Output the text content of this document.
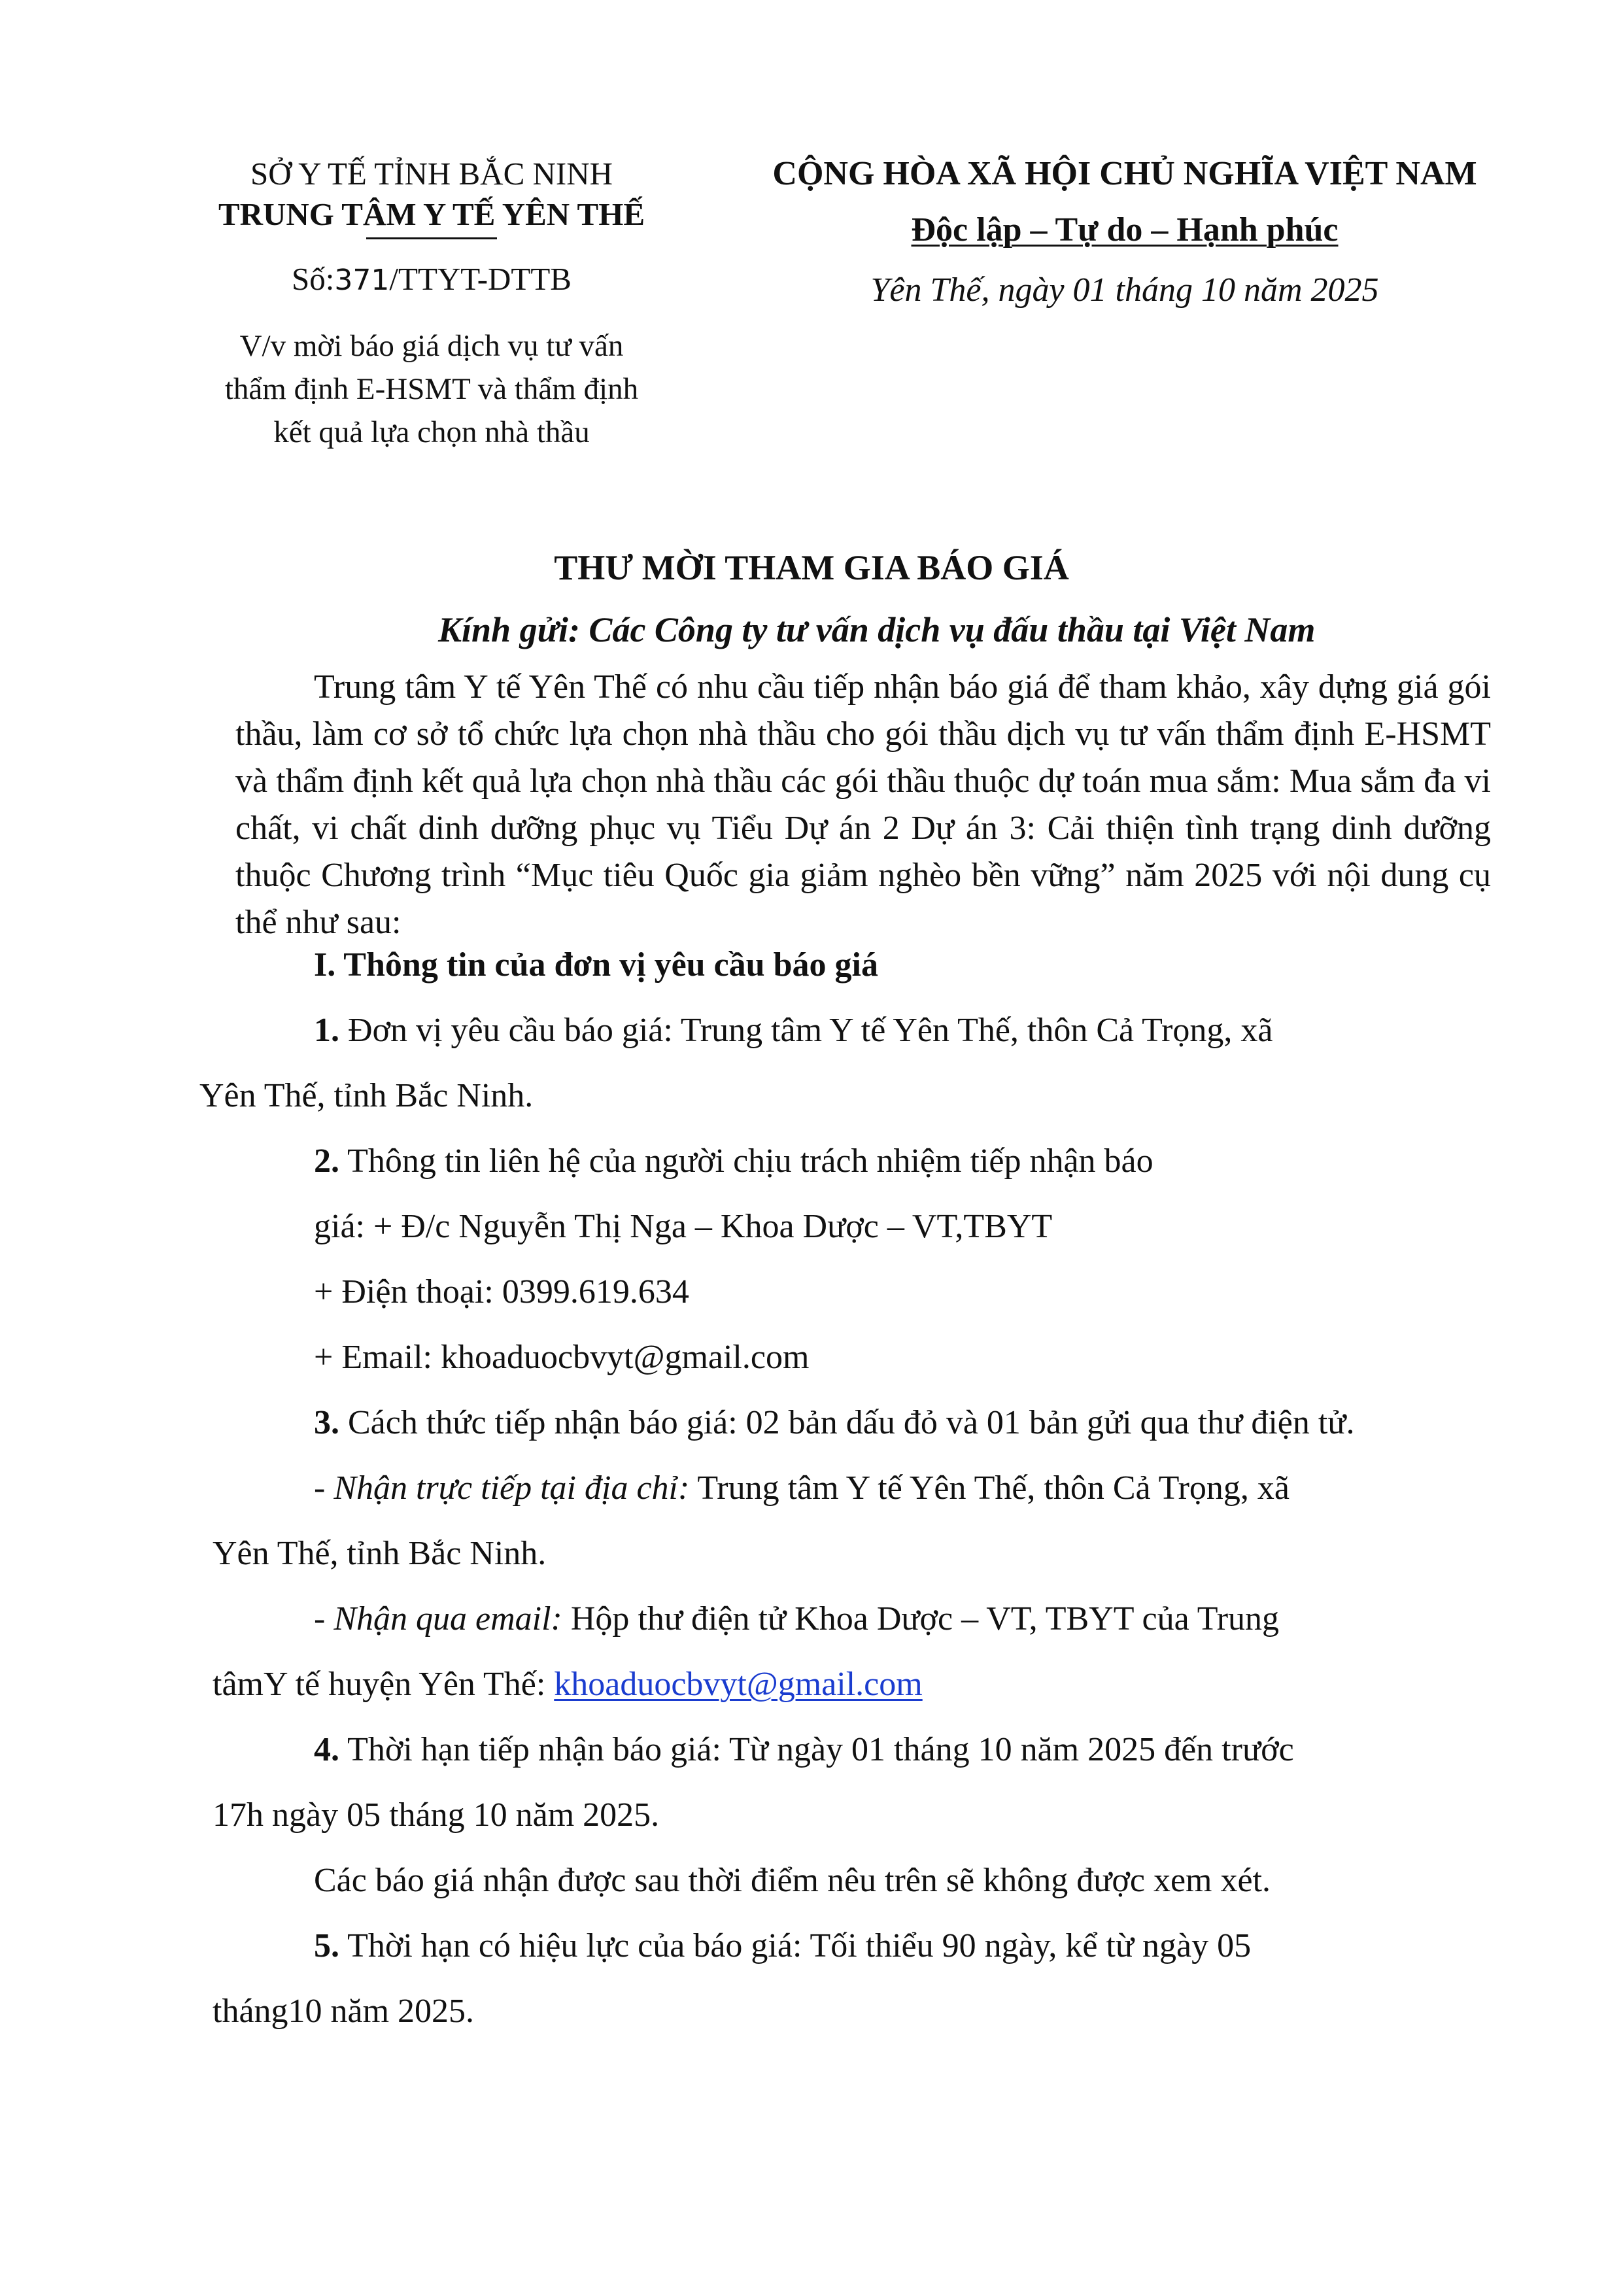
SỞ Y TẾ TỈNH BẮC NINH
TRUNG TÂM Y TẾ YÊN THẾ
Số:371/TTYT-DTTB
V/v mời báo giá dịch vụ tư vấn
thẩm định E-HSMT và thẩm định
kết quả lựa chọn nhà thầu
CỘNG HÒA XÃ HỘI CHỦ NGHĨA VIỆT NAM
Độc lập – Tự do – Hạnh phúc
Yên Thế, ngày 01 tháng 10 năm 2025
THƯ MỜI THAM GIA BÁO GIÁ
Kính gửi: Các Công ty tư vấn dịch vụ đấu thầu tại Việt Nam
Trung tâm Y tế Yên Thế có nhu cầu tiếp nhận báo giá để tham khảo, xây dựng giá gói thầu, làm cơ sở tổ chức lựa chọn nhà thầu cho gói thầu dịch vụ tư vấn thẩm định E-HSMT và thẩm định kết quả lựa chọn nhà thầu các gói thầu thuộc dự toán mua sắm: Mua sắm đa vi chất, vi chất dinh dưỡng phục vụ Tiểu Dự án 2 Dự án 3: Cải thiện tình trạng dinh dưỡng thuộc Chương trình “Mục tiêu Quốc gia giảm nghèo bền vững” năm 2025 với nội dung cụ thể như sau:
I. Thông tin của đơn vị yêu cầu báo giá
1. Đơn vị yêu cầu báo giá: Trung tâm Y tế Yên Thế, thôn Cả Trọng, xã
Yên Thế, tỉnh Bắc Ninh.
2. Thông tin liên hệ của người chịu trách nhiệm tiếp nhận báo
giá: + Đ/c Nguyễn Thị Nga – Khoa Dược – VT,TBYT
+ Điện thoại: 0399.619.634
+ Email: khoaduocbvyt@gmail.com
3. Cách thức tiếp nhận báo giá: 02 bản dấu đỏ và 01 bản gửi qua thư điện tử.
- Nhận trực tiếp tại địa chỉ: Trung tâm Y tế Yên Thế, thôn Cả Trọng, xã
Yên Thế, tỉnh Bắc Ninh.
- Nhận qua email: Hộp thư điện tử Khoa Dược – VT, TBYT của Trung
tâmY tế huyện Yên Thế: khoaduocbvyt@gmail.com
4. Thời hạn tiếp nhận báo giá: Từ ngày 01 tháng 10 năm 2025 đến trước
17h ngày 05 tháng 10 năm 2025.
Các báo giá nhận được sau thời điểm nêu trên sẽ không được xem xét.
5. Thời hạn có hiệu lực của báo giá: Tối thiểu 90 ngày, kể từ ngày 05
tháng10 năm 2025.
